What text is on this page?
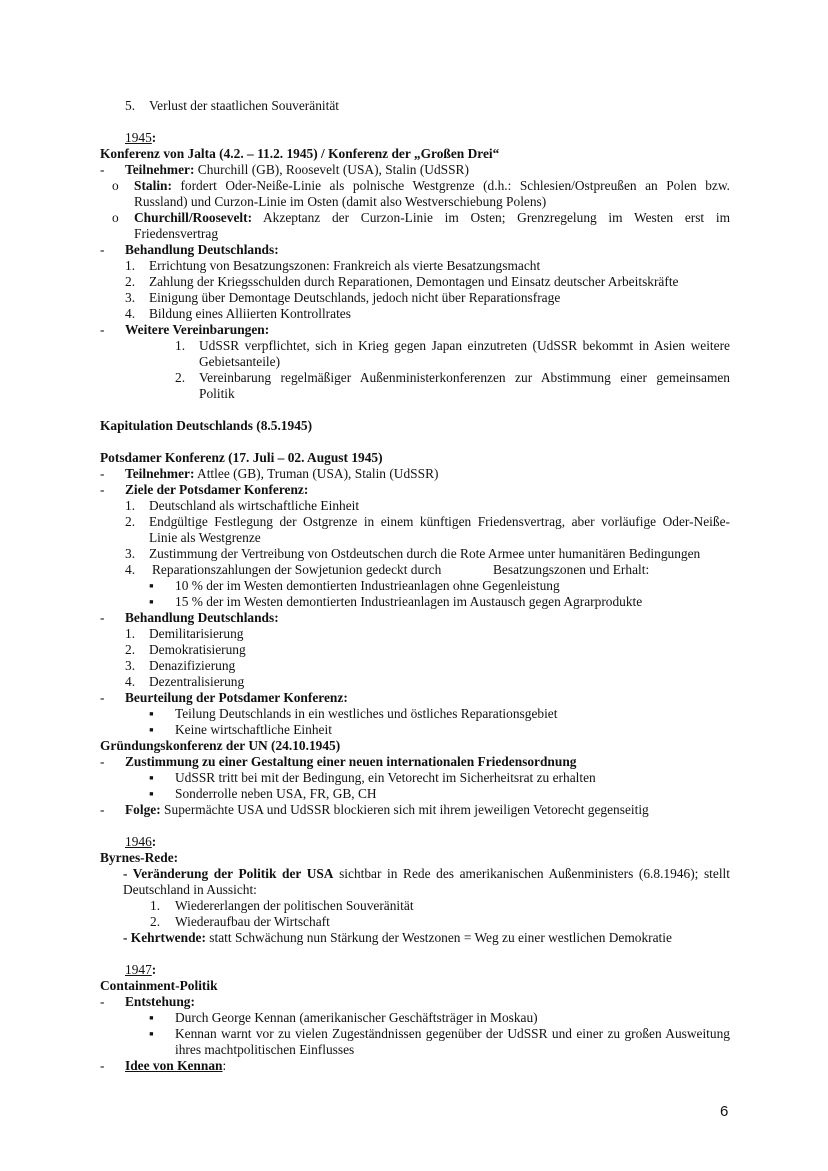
5. Verlust der staatlichen Souveränität
1945:
Konferenz von Jalta (4.2. – 11.2. 1945) / Konferenz der „Großen Drei“
- Teilnehmer: Churchill (GB), Roosevelt (USA), Stalin (UdSSR)
o Stalin: fordert Oder-Neiße-Linie als polnische Westgrenze (d.h.: Schlesien/Ostpreußen an Polen bzw.
Russland) und Curzon-Linie im Osten (damit also Westverschiebung Polens)
o Churchill/Roosevelt: Akzeptanz der Curzon-Linie im Osten; Grenzregelung im Westen erst im
Friedensvertrag
- Behandlung Deutschlands:
1. Errichtung von Besatzungszonen: Frankreich als vierte Besatzungsmacht
2. Zahlung der Kriegsschulden durch Reparationen, Demontagen und Einsatz deutscher Arbeitskräfte
3. Einigung über Demontage Deutschlands, jedoch nicht über Reparationsfrage
4. Bildung eines Alliierten Kontrollrates
- Weitere Vereinbarungen:
1. UdSSR verpflichtet, sich in Krieg gegen Japan einzutreten (UdSSR bekommt in Asien weitere
Gebietsanteile)
2. Vereinbarung regelmäßiger Außenministerkonferenzen zur Abstimmung einer gemeinsamen
Politik
Kapitulation Deutschlands (8.5.1945)
Potsdamer Konferenz (17. Juli – 02. August 1945)
- Teilnehmer: Attlee (GB), Truman (USA), Stalin (UdSSR)
- Ziele der Potsdamer Konferenz:
1. Deutschland als wirtschaftliche Einheit
2. Endgültige Festlegung der Ostgrenze in einem künftigen Friedensvertrag, aber vorläufige Oder-Neiße-
Linie als Westgrenze
3. Zustimmung der Vertreibung von Ostdeutschen durch die Rote Armee unter humanitären Bedingungen
4. Reparationszahlungen der Sowjetunion gedeckt durch	Besatzungszonen und Erhalt:
▪ 10 % der im Westen demontierten Industrieanlagen ohne Gegenleistung
▪ 15 % der im Westen demontierten Industrieanlagen im Austausch gegen Agrarprodukte
- Behandlung Deutschlands:
1. Demilitarisierung
2. Demokratisierung
3. Denazifizierung
4. Dezentralisierung
- Beurteilung der Potsdamer Konferenz:
▪ Teilung Deutschlands in ein westliches und östliches Reparationsgebiet
▪ Keine wirtschaftliche Einheit
Gründungskonferenz der UN (24.10.1945)
- Zustimmung zu einer Gestaltung einer neuen internationalen Friedensordnung
▪ UdSSR tritt bei mit der Bedingung, ein Vetorecht im Sicherheitsrat zu erhalten
▪ Sonderrolle neben USA, FR, GB, CH
- Folge: Supermächte USA und UdSSR blockieren sich mit ihrem jeweiligen Vetorecht gegenseitig
1946:
Byrnes-Rede:
- Veränderung der Politik der USA sichtbar in Rede des amerikanischen Außenministers (6.8.1946); stellt
Deutschland in Aussicht:
1. Wiedererlangen der politischen Souveränität
2. Wiederaufbau der Wirtschaft
- Kehrtwende: statt Schwächung nun Stärkung der Westzonen = Weg zu einer westlichen Demokratie
1947:
Containment-Politik
- Entstehung:
▪ Durch George Kennan (amerikanischer Geschäftsträger in Moskau)
▪ Kennan warnt vor zu vielen Zugeständnissen gegenüber der UdSSR und einer zu großen Ausweitung
ihres machtpolitischen Einflusses
- Idee von Kennan:
6
